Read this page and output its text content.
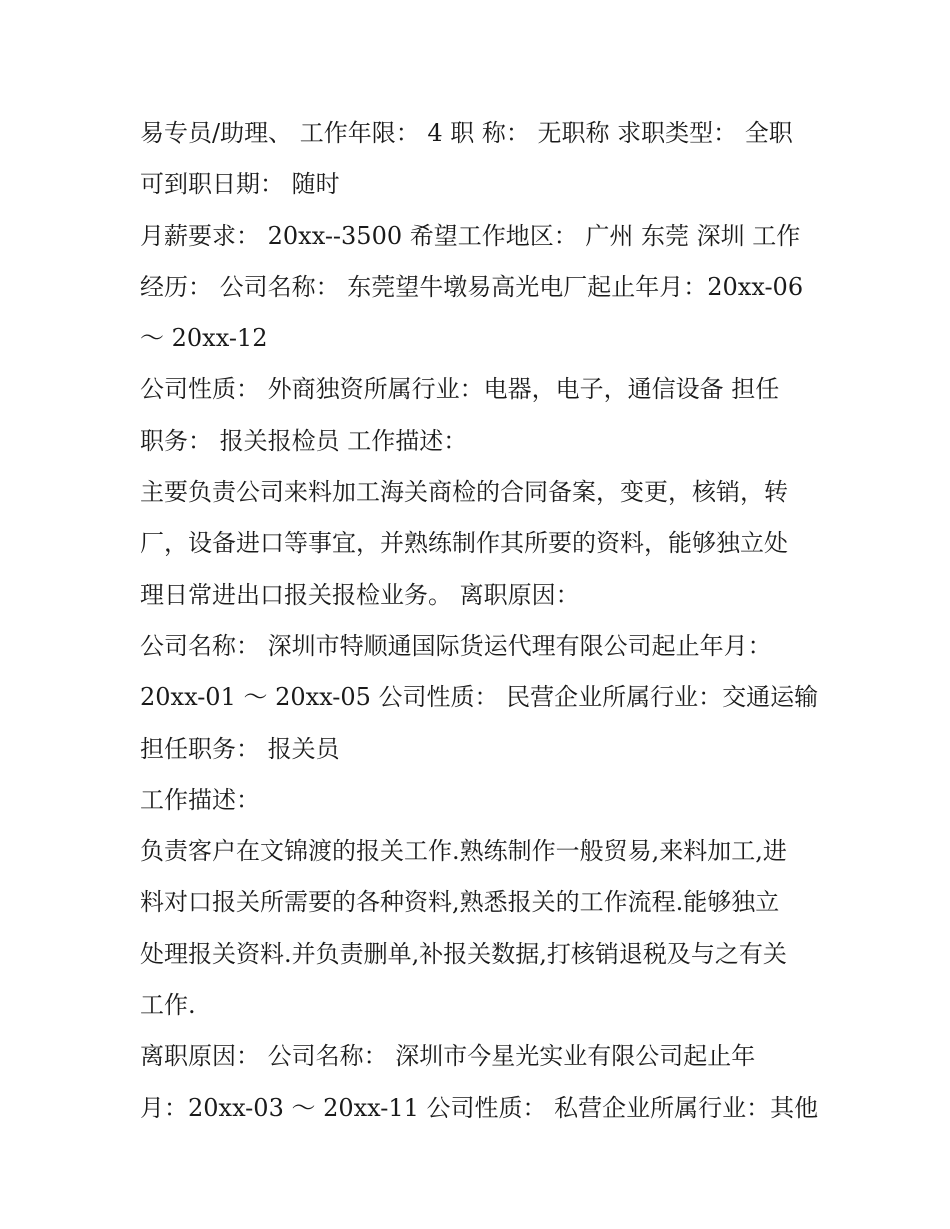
易专员/助理、 工作年限： 4 职 称： 无职称 求职类型： 全职
可到职日期： 随时
月薪要求： 20xx--3500 希望工作地区： 广州 东莞 深圳 工作
经历： 公司名称： 东莞望牛墩易高光电厂起止年月：20xx-06
～ 20xx-12
公司性质： 外商独资所属行业：电器，电子，通信设备 担任
职务： 报关报检员 工作描述：
主要负责公司来料加工海关商检的合同备案，变更，核销，转
厂，设备进口等事宜，并熟练制作其所要的资料，能够独立处
理日常进出口报关报检业务。 离职原因：
公司名称： 深圳市特顺通国际货运代理有限公司起止年月：
20xx-01 ～ 20xx-05 公司性质： 民营企业所属行业：交通运输
担任职务： 报关员
工作描述：
负责客户在文锦渡的报关工作.熟练制作一般贸易,来料加工,进
料对口报关所需要的各种资料,熟悉报关的工作流程.能够独立
处理报关资料.并负责删单,补报关数据,打核销退税及与之有关
工作.
离职原因： 公司名称： 深圳市今星光实业有限公司起止年
月：20xx-03 ～ 20xx-11 公司性质： 私营企业所属行业：其他
